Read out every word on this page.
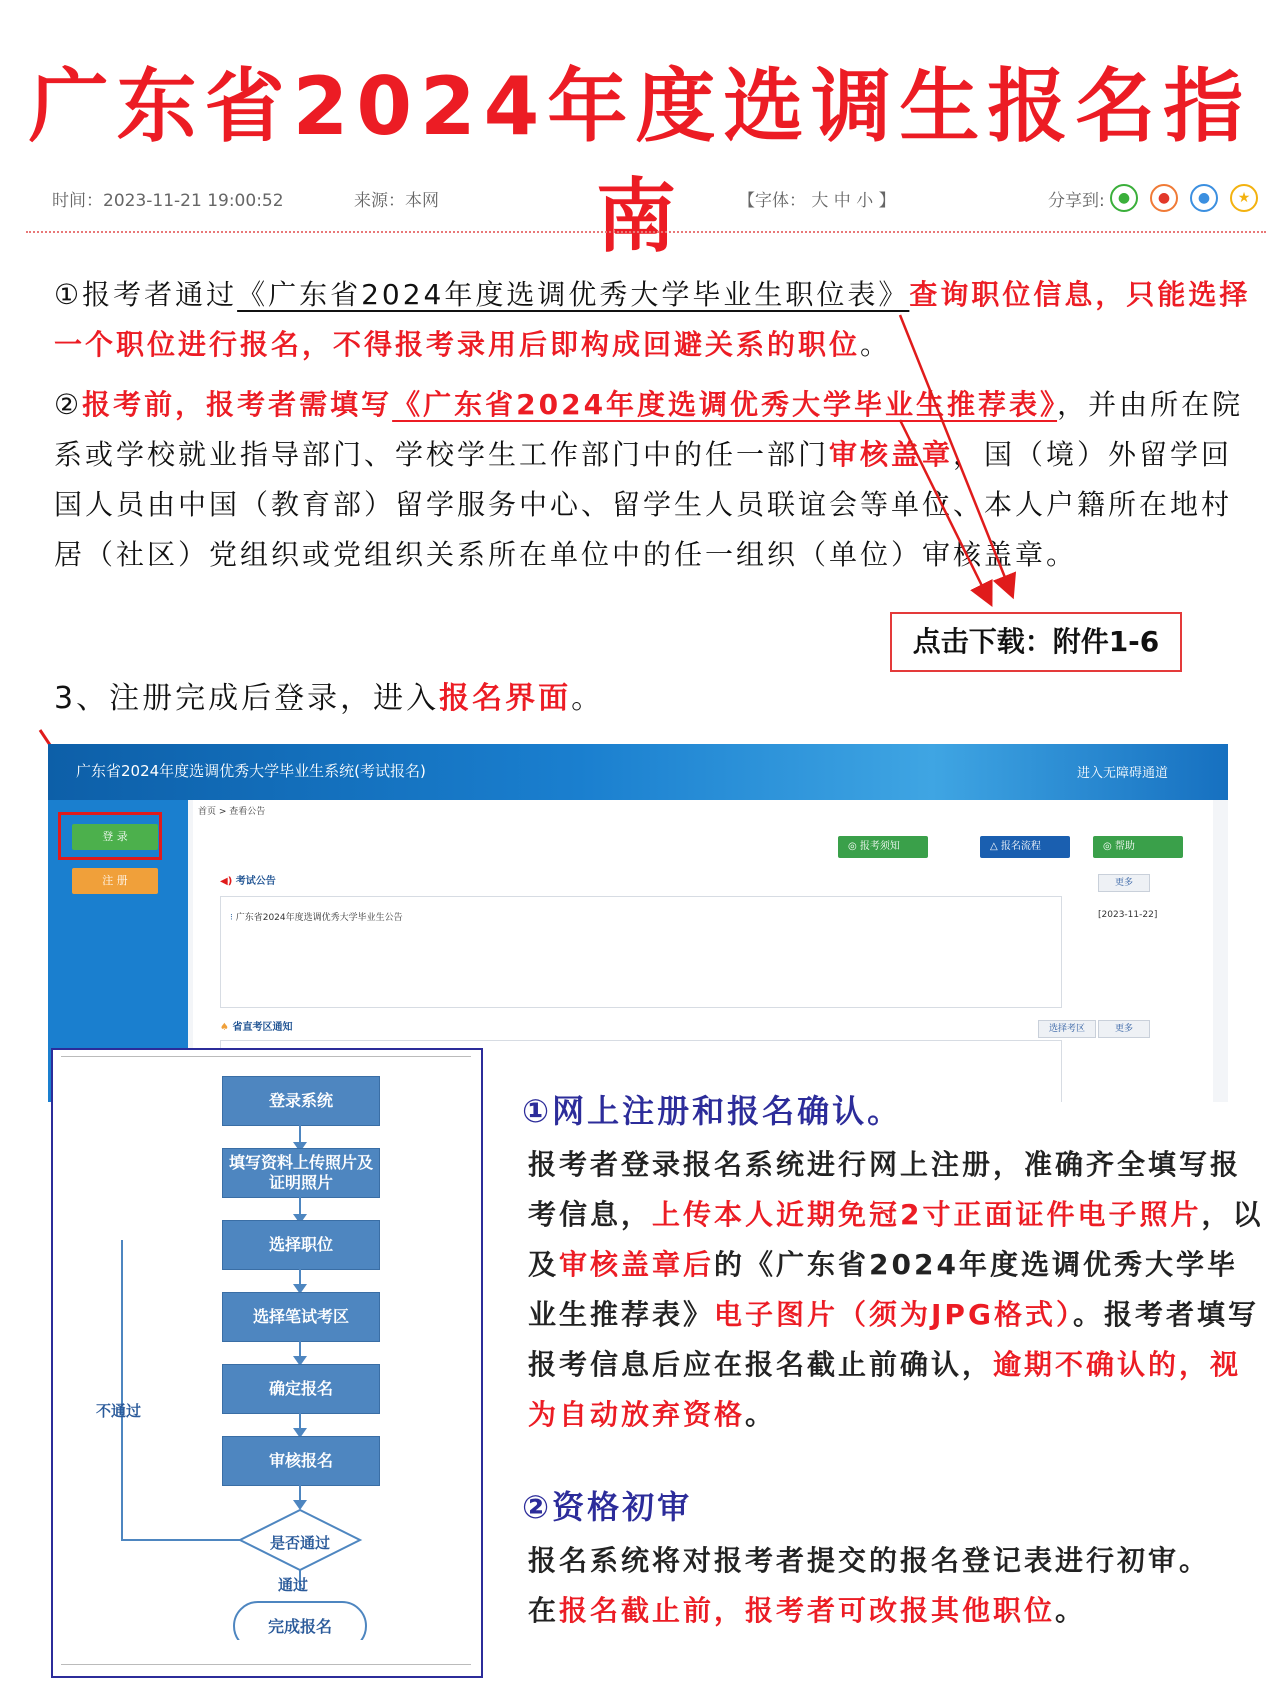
广东省2024年度选调生报名指南
时间：2023-11-21 19:00:52	来源：本网	【字体： 大 中 小 】	分享到: ●	●	●	★
①报考者通过《广东省2024年度选调优秀大学毕业生职位表》查询职位信息，只能选择一个职位进行报名，不得报考录用后即构成回避关系的职位。
②报考前，报考者需填写《广东省2024年度选调优秀大学毕业生推荐表》，并由所在院系或学校就业指导部门、学校学生工作部门中的任一部门审核盖章，国（境）外留学回国人员由中国（教育部）留学服务中心、留学生人员联谊会等单位、本人户籍所在地村居（社区）党组织或党组织关系所在单位中的任一组织（单位）审核盖章。
点击下载：附件1-6
3、注册完成后登录，进入报名界面。
广东省2024年度选调优秀大学毕业生系统(考试报名)	进入无障碍通道
登 录
注 册
首页 > 查看公告
◎ 报考须知	△ 报名流程	◎ 帮助
◀) 考试公告	更多
⁝ 广东省2024年度选调优秀大学毕业生公告	[2023-11-22]
♠ 省直考区通知	选择考区	更多
登录系统
填写资料上传照片及证明照片
选择职位
选择笔试考区
确定报名
审核报名
是否通过
不通过
通过
完成报名
①网上注册和报名确认。
报考者登录报名系统进行网上注册，准确齐全填写报考信息，上传本人近期免冠2寸正面证件电子照片，以及审核盖章后的《广东省2024年度选调优秀大学毕业生推荐表》电子图片（须为JPG格式）。报考者填写报考信息后应在报名截止前确认，逾期不确认的，视为自动放弃资格。
②资格初审
报名系统将对报考者提交的报名登记表进行初审。
在报名截止前，报考者可改报其他职位。
